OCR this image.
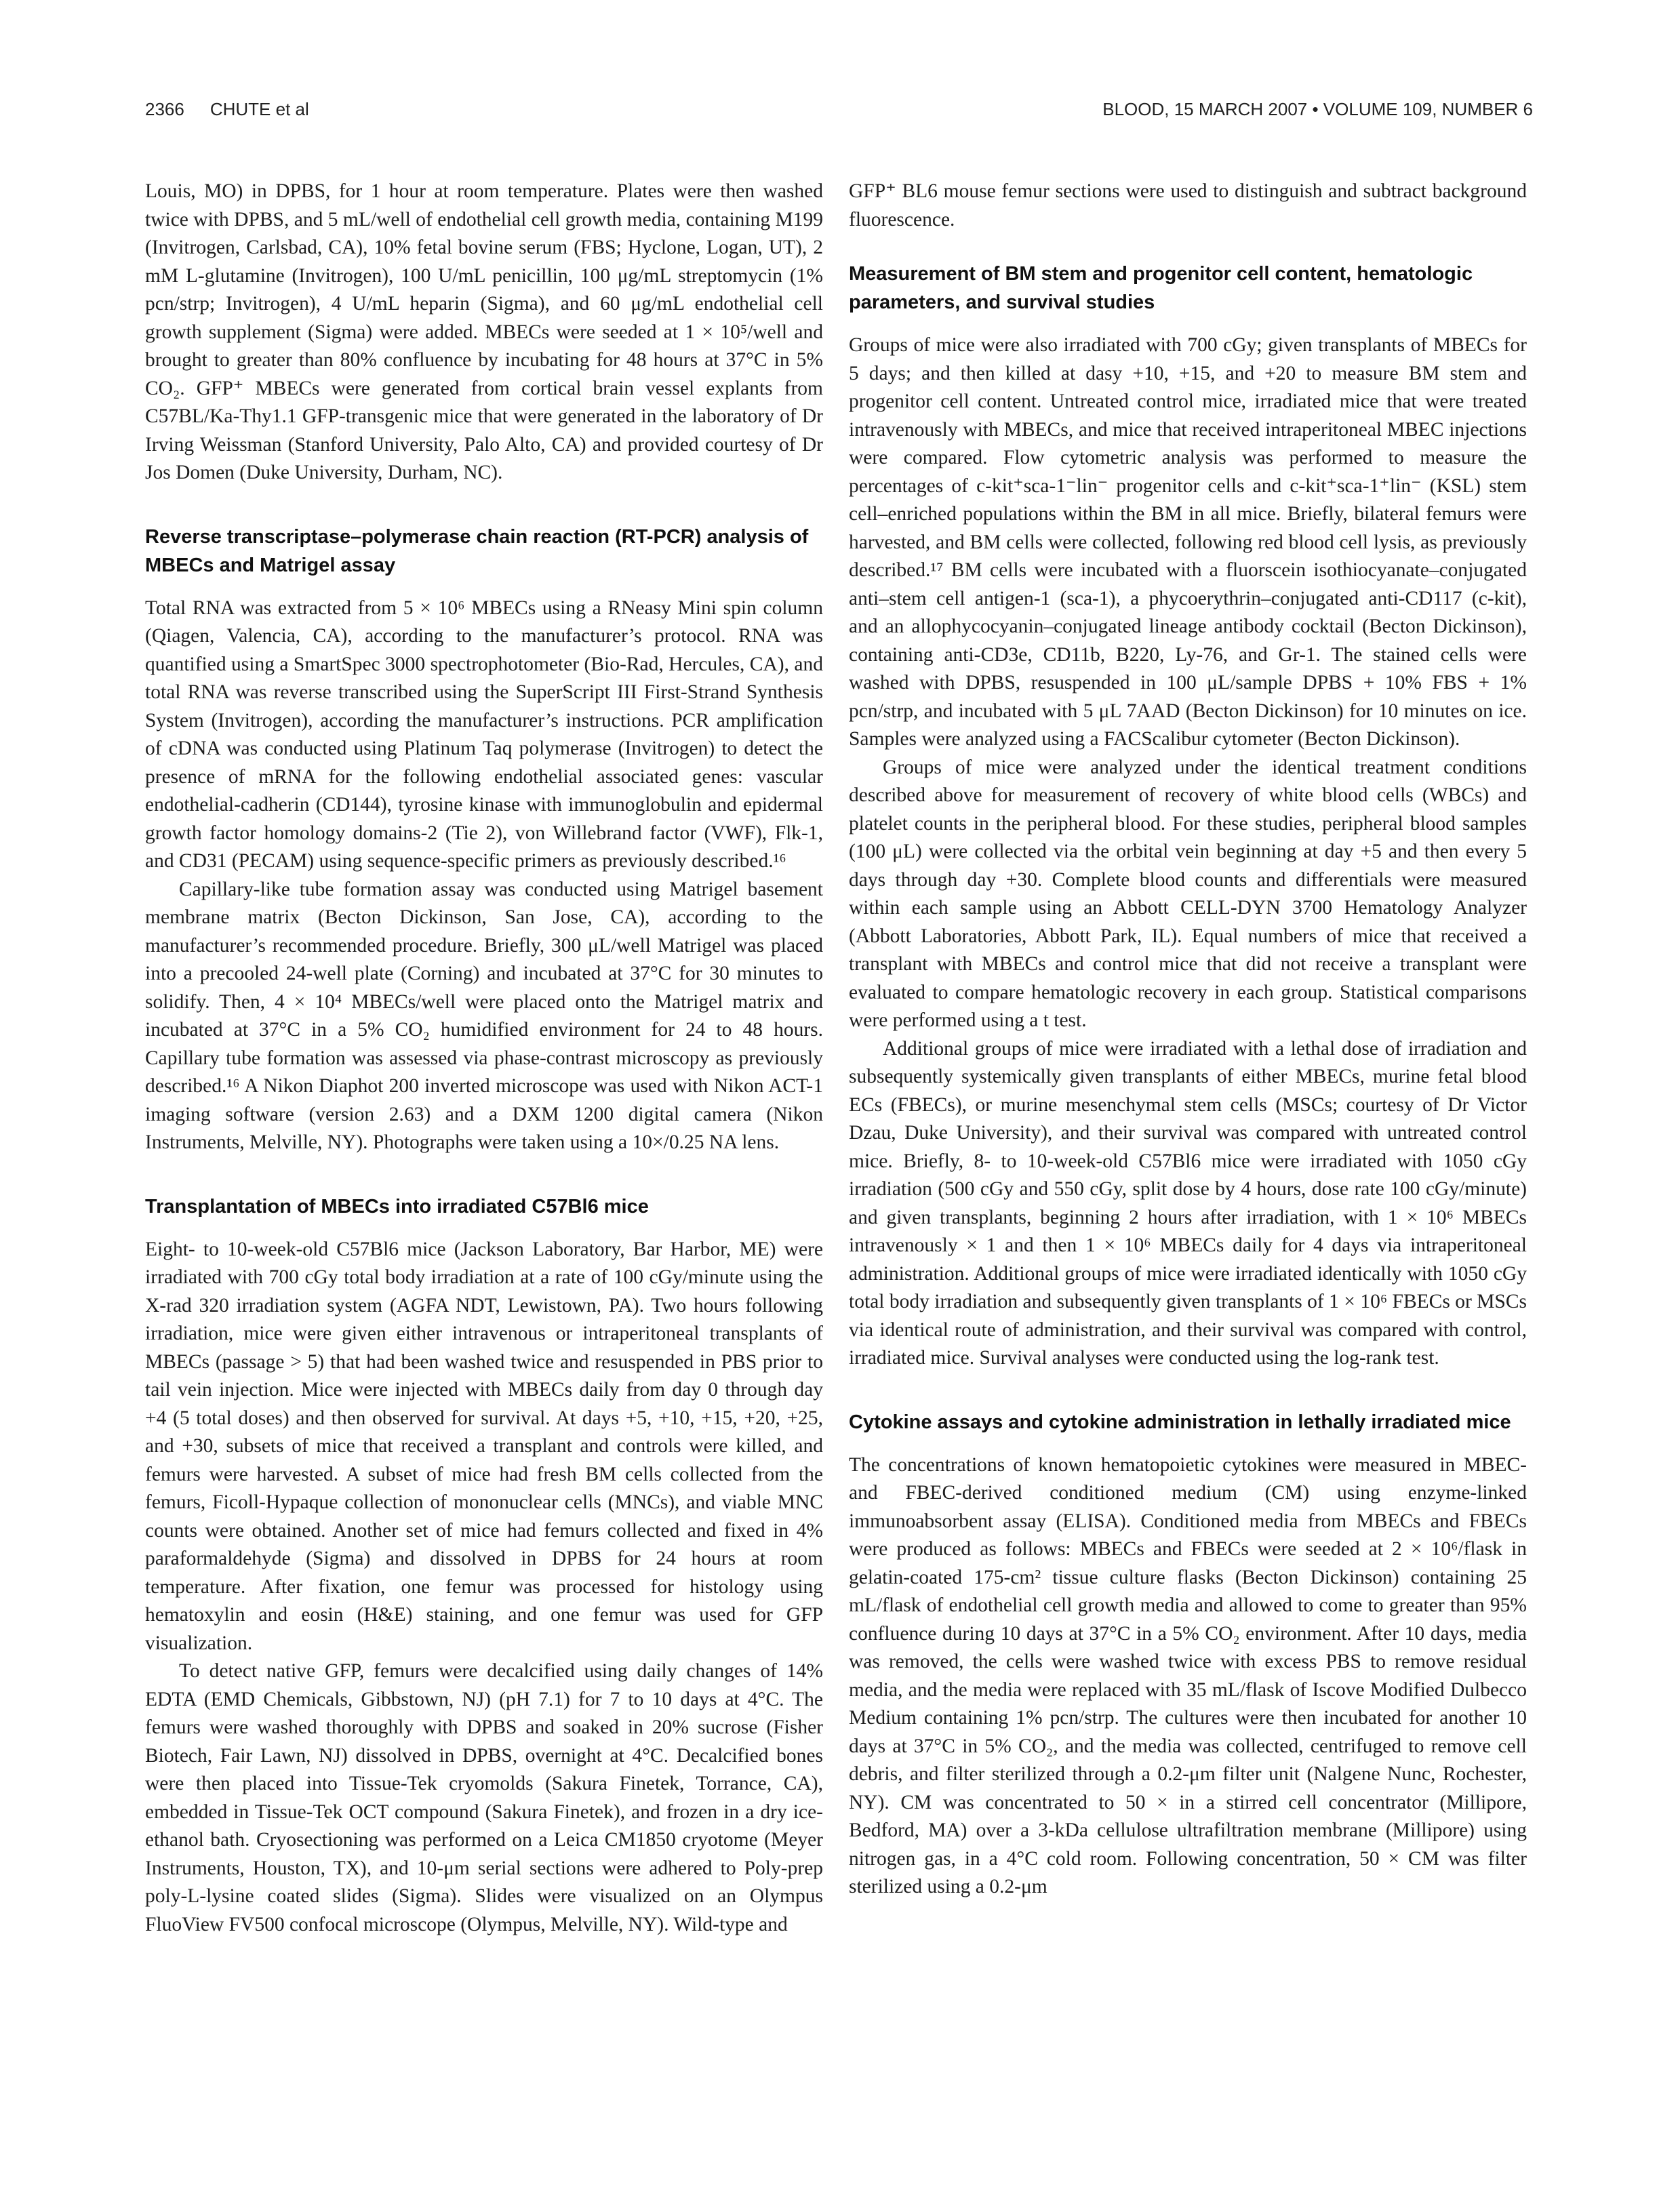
2366 CHUTE et al	BLOOD, 15 MARCH 2007 • VOLUME 109, NUMBER 6

Louis, MO) in DPBS, for 1 hour at room temperature. Plates were then washed twice with DPBS, and 5 mL/well of endothelial cell growth media, containing M199 (Invitrogen, Carlsbad, CA), 10% fetal bovine serum (FBS; Hyclone, Logan, UT), 2 mM L-glutamine (Invitrogen), 100 U/mL penicillin, 100 μg/mL streptomycin (1% pcn/strp; Invitrogen), 4 U/mL heparin (Sigma), and 60 μg/mL endothelial cell growth supplement (Sigma) were added. MBECs were seeded at 1 × 10⁵/well and brought to greater than 80% confluence by incubating for 48 hours at 37°C in 5% CO₂. GFP⁺ MBECs were generated from cortical brain vessel explants from C57BL/Ka-Thy1.1 GFP-transgenic mice that were generated in the laboratory of Dr Irving Weissman (Stanford University, Palo Alto, CA) and provided courtesy of Dr Jos Domen (Duke University, Durham, NC).

Reverse transcriptase–polymerase chain reaction (RT-PCR) analysis of MBECs and Matrigel assay

Total RNA was extracted from 5 × 10⁶ MBECs using a RNeasy Mini spin column (Qiagen, Valencia, CA), according to the manufacturer’s protocol. RNA was quantified using a SmartSpec 3000 spectrophotometer (Bio-Rad, Hercules, CA), and total RNA was reverse transcribed using the SuperScript III First-Strand Synthesis System (Invitrogen), according the manufacturer’s instructions. PCR amplification of cDNA was conducted using Platinum Taq polymerase (Invitrogen) to detect the presence of mRNA for the following endothelial associated genes: vascular endothelial-cadherin (CD144), tyrosine kinase with immunoglobulin and epidermal growth factor homology domains-2 (Tie 2), von Willebrand factor (VWF), Flk-1, and CD31 (PECAM) using sequence-specific primers as previously described.¹⁶

Capillary-like tube formation assay was conducted using Matrigel basement membrane matrix (Becton Dickinson, San Jose, CA), according to the manufacturer’s recommended procedure. Briefly, 300 μL/well Matrigel was placed into a precooled 24-well plate (Corning) and incubated at 37°C for 30 minutes to solidify. Then, 4 × 10⁴ MBECs/well were placed onto the Matrigel matrix and incubated at 37°C in a 5% CO₂ humidified environment for 24 to 48 hours. Capillary tube formation was assessed via phase-contrast microscopy as previously described.¹⁶ A Nikon Diaphot 200 inverted microscope was used with Nikon ACT-1 imaging software (version 2.63) and a DXM 1200 digital camera (Nikon Instruments, Melville, NY). Photographs were taken using a 10×/0.25 NA lens.

Transplantation of MBECs into irradiated C57Bl6 mice

Eight- to 10-week-old C57Bl6 mice (Jackson Laboratory, Bar Harbor, ME) were irradiated with 700 cGy total body irradiation at a rate of 100 cGy/minute using the X-rad 320 irradiation system (AGFA NDT, Lewistown, PA). Two hours following irradiation, mice were given either intravenous or intraperitoneal transplants of MBECs (passage > 5) that had been washed twice and resuspended in PBS prior to tail vein injection. Mice were injected with MBECs daily from day 0 through day +4 (5 total doses) and then observed for survival. At days +5, +10, +15, +20, +25, and +30, subsets of mice that received a transplant and controls were killed, and femurs were harvested. A subset of mice had fresh BM cells collected from the femurs, Ficoll-Hypaque collection of mononuclear cells (MNCs), and viable MNC counts were obtained. Another set of mice had femurs collected and fixed in 4% paraformaldehyde (Sigma) and dissolved in DPBS for 24 hours at room temperature. After fixation, one femur was processed for histology using hematoxylin and eosin (H&E) staining, and one femur was used for GFP visualization.

To detect native GFP, femurs were decalcified using daily changes of 14% EDTA (EMD Chemicals, Gibbstown, NJ) (pH 7.1) for 7 to 10 days at 4°C. The femurs were washed thoroughly with DPBS and soaked in 20% sucrose (Fisher Biotech, Fair Lawn, NJ) dissolved in DPBS, overnight at 4°C. Decalcified bones were then placed into Tissue-Tek cryomolds (Sakura Finetek, Torrance, CA), embedded in Tissue-Tek OCT compound (Sakura Finetek), and frozen in a dry ice-ethanol bath. Cryosectioning was performed on a Leica CM1850 cryotome (Meyer Instruments, Houston, TX), and 10-μm serial sections were adhered to Poly-prep poly-L-lysine coated slides (Sigma). Slides were visualized on an Olympus FluoView FV500 confocal microscope (Olympus, Melville, NY). Wild-type and

GFP⁺ BL6 mouse femur sections were used to distinguish and subtract background fluorescence.

Measurement of BM stem and progenitor cell content, hematologic parameters, and survival studies

Groups of mice were also irradiated with 700 cGy; given transplants of MBECs for 5 days; and then killed at dasy +10, +15, and +20 to measure BM stem and progenitor cell content. Untreated control mice, irradiated mice that were treated intravenously with MBECs, and mice that received intraperitoneal MBEC injections were compared. Flow cytometric analysis was performed to measure the percentages of c-kit⁺sca-1⁻lin⁻ progenitor cells and c-kit⁺sca-1⁺lin⁻ (KSL) stem cell–enriched populations within the BM in all mice. Briefly, bilateral femurs were harvested, and BM cells were collected, following red blood cell lysis, as previously described.¹⁷ BM cells were incubated with a fluorscein isothiocyanate–conjugated anti–stem cell antigen-1 (sca-1), a phycoerythrin–conjugated anti-CD117 (c-kit), and an allophycocyanin–conjugated lineage antibody cocktail (Becton Dickinson), containing anti-CD3e, CD11b, B220, Ly-76, and Gr-1. The stained cells were washed with DPBS, resuspended in 100 μL/sample DPBS + 10% FBS + 1% pcn/strp, and incubated with 5 μL 7AAD (Becton Dickinson) for 10 minutes on ice. Samples were analyzed using a FACScalibur cytometer (Becton Dickinson).

Groups of mice were analyzed under the identical treatment conditions described above for measurement of recovery of white blood cells (WBCs) and platelet counts in the peripheral blood. For these studies, peripheral blood samples (100 μL) were collected via the orbital vein beginning at day +5 and then every 5 days through day +30. Complete blood counts and differentials were measured within each sample using an Abbott CELL-DYN 3700 Hematology Analyzer (Abbott Laboratories, Abbott Park, IL). Equal numbers of mice that received a transplant with MBECs and control mice that did not receive a transplant were evaluated to compare hematologic recovery in each group. Statistical comparisons were performed using a t test.

Additional groups of mice were irradiated with a lethal dose of irradiation and subsequently systemically given transplants of either MBECs, murine fetal blood ECs (FBECs), or murine mesenchymal stem cells (MSCs; courtesy of Dr Victor Dzau, Duke University), and their survival was compared with untreated control mice. Briefly, 8- to 10-week-old C57Bl6 mice were irradiated with 1050 cGy irradiation (500 cGy and 550 cGy, split dose by 4 hours, dose rate 100 cGy/minute) and given transplants, beginning 2 hours after irradiation, with 1 × 10⁶ MBECs intravenously × 1 and then 1 × 10⁶ MBECs daily for 4 days via intraperitoneal administration. Additional groups of mice were irradiated identically with 1050 cGy total body irradiation and subsequently given transplants of 1 × 10⁶ FBECs or MSCs via identical route of administration, and their survival was compared with control, irradiated mice. Survival analyses were conducted using the log-rank test.

Cytokine assays and cytokine administration in lethally irradiated mice

The concentrations of known hematopoietic cytokines were measured in MBEC- and FBEC-derived conditioned medium (CM) using enzyme-linked immunoabsorbent assay (ELISA). Conditioned media from MBECs and FBECs were produced as follows: MBECs and FBECs were seeded at 2 × 10⁶/flask in gelatin-coated 175-cm² tissue culture flasks (Becton Dickinson) containing 25 mL/flask of endothelial cell growth media and allowed to come to greater than 95% confluence during 10 days at 37°C in a 5% CO₂ environment. After 10 days, media was removed, the cells were washed twice with excess PBS to remove residual media, and the media were replaced with 35 mL/flask of Iscove Modified Dulbecco Medium containing 1% pcn/strp. The cultures were then incubated for another 10 days at 37°C in 5% CO₂, and the media was collected, centrifuged to remove cell debris, and filter sterilized through a 0.2-μm filter unit (Nalgene Nunc, Rochester, NY). CM was concentrated to 50 × in a stirred cell concentrator (Millipore, Bedford, MA) over a 3-kDa cellulose ultrafiltration membrane (Millipore) using nitrogen gas, in a 4°C cold room. Following concentration, 50 × CM was filter sterilized using a 0.2-μm
